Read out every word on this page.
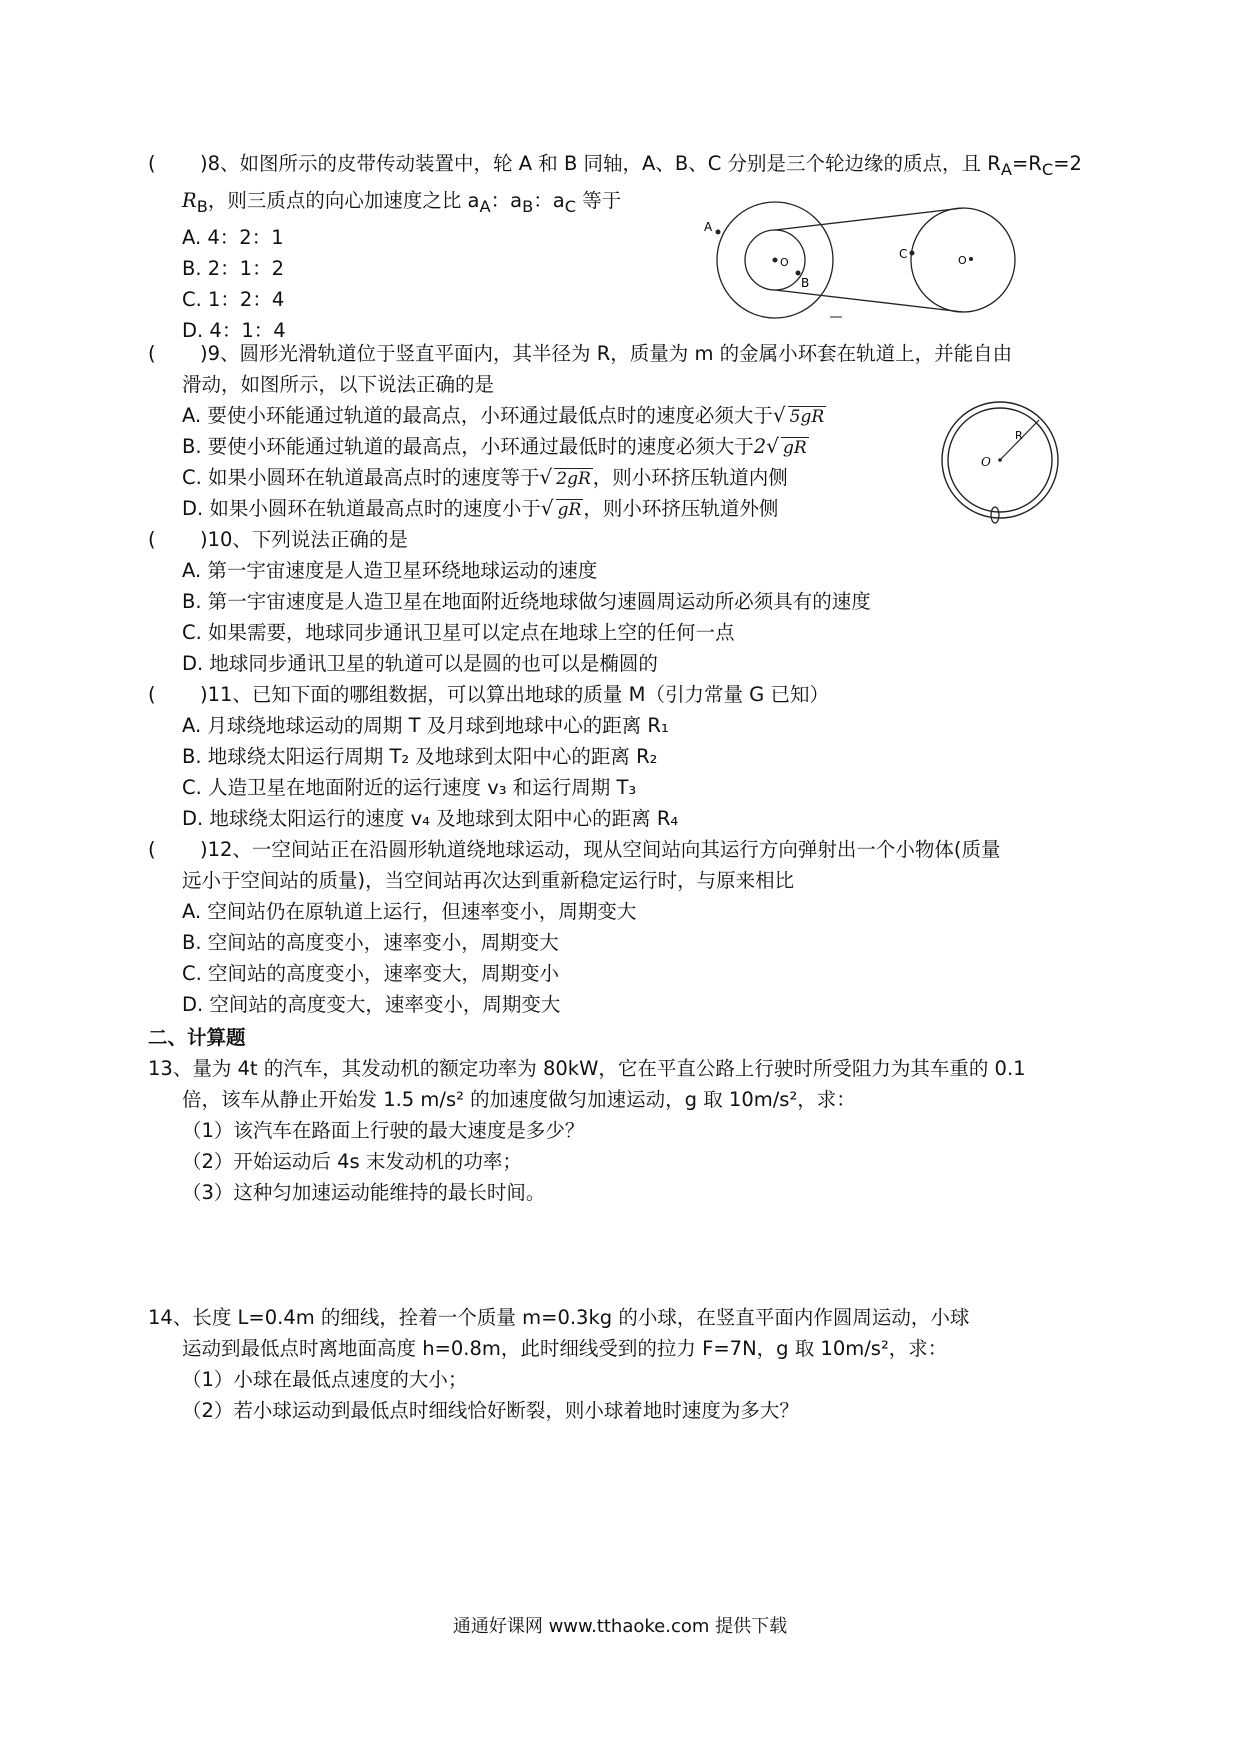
( )8、如图所示的皮带传动装置中，轮 A 和 B 同轴，A、B、C 分别是三个轮边缘的质点，且 $R_A=R_C=2$
$R_B$，则三质点的向心加速度之比 $a_A$：$a_B$：$a_C$ 等于
A. 4：2：1
B. 2：1：2
C. 1：2：4
D. 4：1：4
A
B
C
O	O
( )9、圆形光滑轨道位于竖直平面内，其半径为 R，质量为 m 的金属小环套在轨道上，并能自由
滑动，如图所示，以下说法正确的是
A. 要使小环能通过轨道的最高点，小环通过最低点时的速度必须大于√ 5gR
B. 要使小环能通过轨道的最高点，小环通过最低时的速度必须大于2√ gR
C. 如果小圆环在轨道最高点时的速度等于√ 2gR ，则小环挤压轨道内侧
D. 如果小圆环在轨道最高点时的速度小于√ gR ，则小环挤压轨道外侧
O
R
( )10、下列说法正确的是
A. 第一宇宙速度是人造卫星环绕地球运动的速度
B. 第一宇宙速度是人造卫星在地面附近绕地球做匀速圆周运动所必须具有的速度
C. 如果需要，地球同步通讯卫星可以定点在地球上空的任何一点
D. 地球同步通讯卫星的轨道可以是圆的也可以是椭圆的
( )11、已知下面的哪组数据，可以算出地球的质量 M（引力常量 G 已知）
A. 月球绕地球运动的周期 T 及月球到地球中心的距离 R₁
B. 地球绕太阳运行周期 T₂ 及地球到太阳中心的距离 R₂
C. 人造卫星在地面附近的运行速度 v₃ 和运行周期 T₃
D. 地球绕太阳运行的速度 v₄ 及地球到太阳中心的距离 R₄
( )12、一空间站正在沿圆形轨道绕地球运动，现从空间站向其运行方向弹射出一个小物体(质量
远小于空间站的质量)，当空间站再次达到重新稳定运行时，与原来相比
A. 空间站仍在原轨道上运行，但速率变小，周期变大
B. 空间站的高度变小，速率变小，周期变大
C. 空间站的高度变小，速率变大，周期变小
D. 空间站的高度变大，速率变小，周期变大
二、计算题
13、量为 4t 的汽车，其发动机的额定功率为 80kW，它在平直公路上行驶时所受阻力为其车重的 0.1
倍，该车从静止开始发 1.5 m/s² 的加速度做匀加速运动，g 取 10m/s²，求：
（1）该汽车在路面上行驶的最大速度是多少？
（2）开始运动后 4s 末发动机的功率；
（3）这种匀加速运动能维持的最长时间。
14、长度 L=0.4m 的细线，拴着一个质量 m=0.3kg 的小球，在竖直平面内作圆周运动，小球
运动到最低点时离地面高度 h=0.8m，此时细线受到的拉力 F=7N，g 取 10m/s²，求：
（1）小球在最低点速度的大小；
（2）若小球运动到最低点时细线恰好断裂，则小球着地时速度为多大？
通通好课网 www.tthaoke.com 提供下载
